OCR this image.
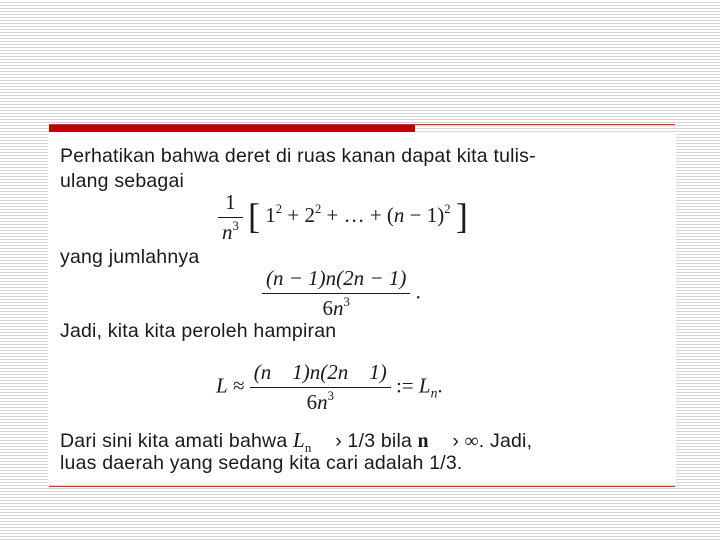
Perhatikan bahwa deret di ruas kanan dapat kita tulis-

ulang sebagai

$\frac{1}{n^3}$ [ $1^2 + 2^2$ + … + $(n - 1)^2$ ]

yang jumlahnya

$\frac{(n - 1)n(2n - 1)}{6n^3}$ .

Jadi, kita kita peroleh hampiran

$L \approx \frac{(n 1)n(2n 1)}{6n^3}$ := $L_n$.

Dari sini kita amati bahwa $L_n$ › 1/3 bila n › ∞. Jadi,

luas daerah yang sedang kita cari adalah 1/3.
